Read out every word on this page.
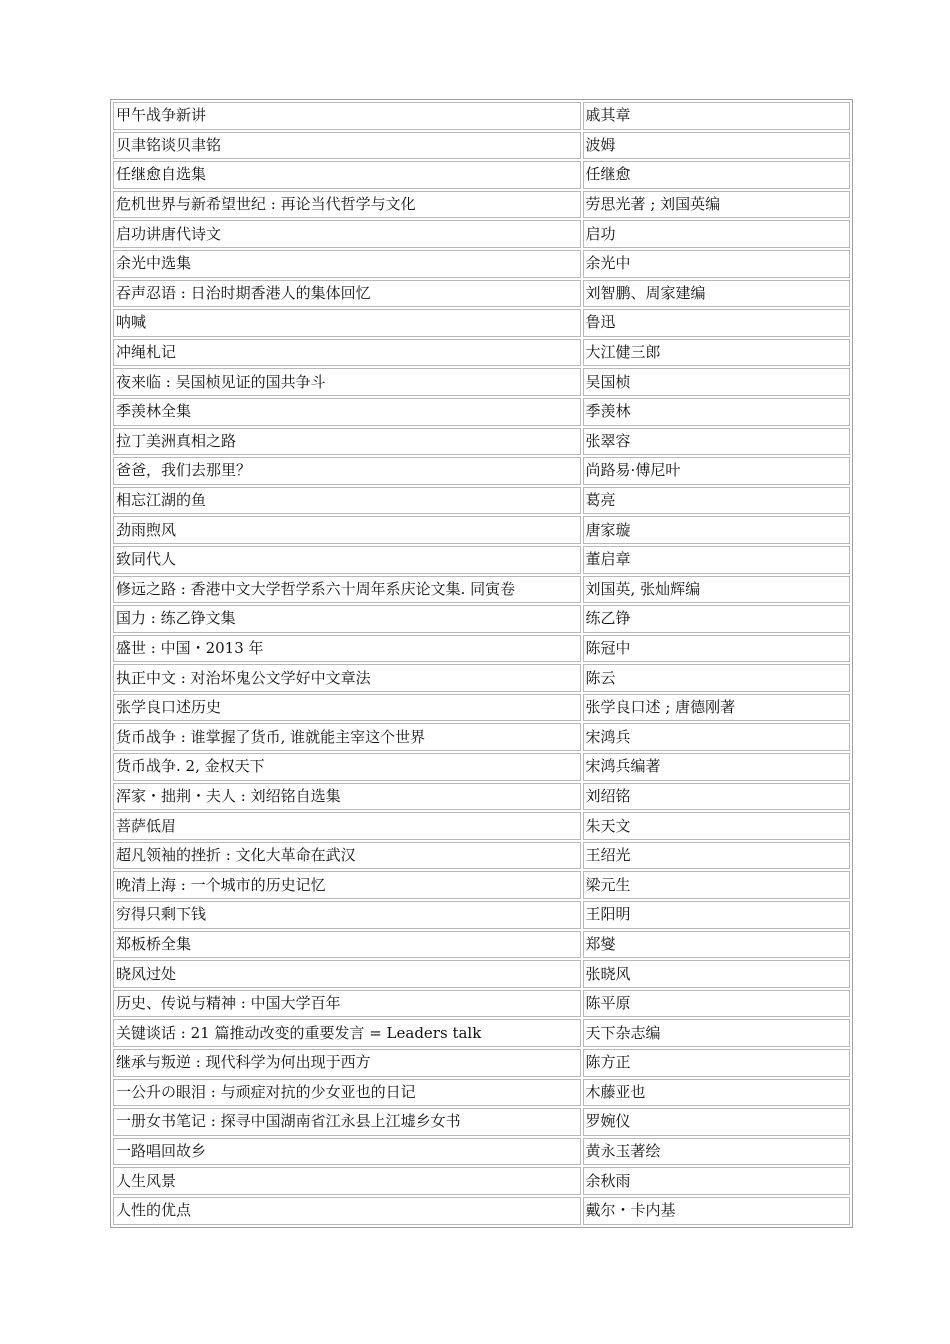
甲午战争新讲	戚其章
贝聿铭谈贝聿铭	波姆
任继愈自选集	任继愈
危机世界与新希望世纪 : 再论当代哲学与文化	劳思光著 ; 刘国英编
启功讲唐代诗文	启功
余光中选集	余光中
吞声忍语 : 日治时期香港人的集体回忆	刘智鹏、周家建编
呐喊	鲁迅
冲绳札记	大江健三郎
夜来临 : 吴国桢见证的国共争斗	吴国桢
季羡林全集	季羡林
拉丁美洲真相之路	张翠容
爸爸，我们去那里？	尚路易·傅尼叶
相忘江湖的鱼	葛亮
劲雨煦风	唐家璇
致同代人	董启章
修远之路 : 香港中文大学哲学系六十周年系庆论文集. 同寅卷	刘国英, 张灿辉编
国力 : 练乙铮文集	练乙铮
盛世 : 中国・2013 年	陈冠中
执正中文 : 对治坏鬼公文学好中文章法	陈云
张学良口述历史	张学良口述 ; 唐德刚著
货币战争 : 谁掌握了货币, 谁就能主宰这个世界	宋鸿兵
货币战争. 2, 金权天下	宋鸿兵编著
浑家・拙荆・夫人 : 刘绍铭自选集	刘绍铭
菩萨低眉	朱天文
超凡领袖的挫折 : 文化大革命在武汉	王绍光
晚清上海 : 一个城市的历史记忆	梁元生
穷得只剩下钱	王阳明
郑板桥全集	郑燮
晓风过处	张晓风
历史、传说与精神 : 中国大学百年	陈平原
关键谈话 : 21 篇推动改变的重要发言 = Leaders talk	天下杂志编
继承与叛逆 : 现代科学为何出现于西方	陈方正
一公升の眼泪 : 与顽症对抗的少女亚也的日记	木藤亚也
一册女书笔记 : 探寻中国湖南省江永县上江墟乡女书	罗婉仪
一路唱回故乡	黄永玉著绘
人生风景	余秋雨
人性的优点	戴尔・卡内基
